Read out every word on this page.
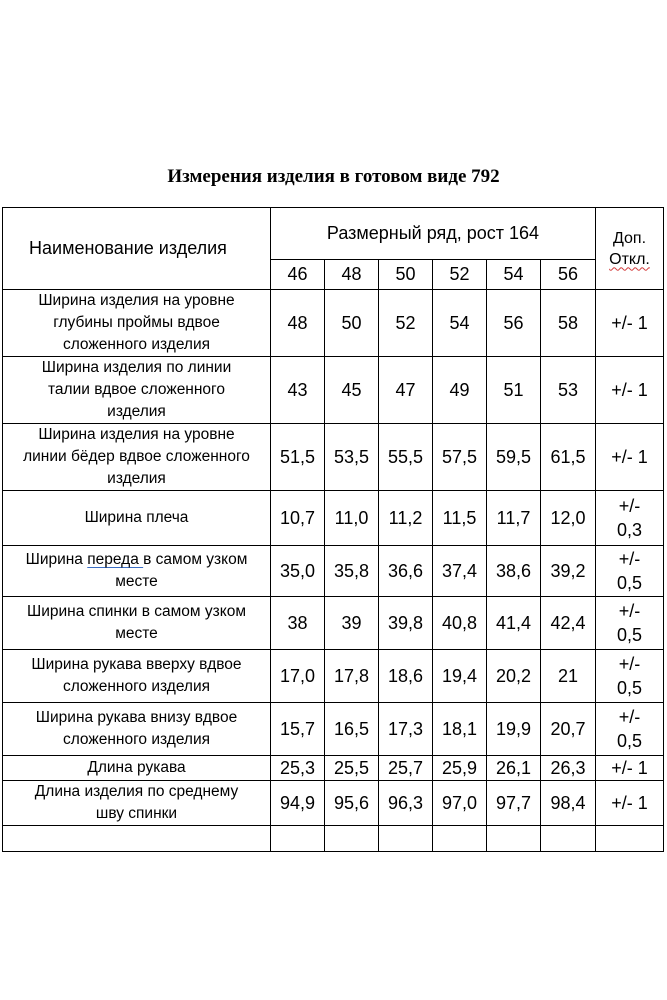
Измерения изделия в готовом виде 792
Наименование изделия	Размерный ряд, рост 164						Доп.
Откл.
	46	48	50	52	54	56	
Ширина изделия на уровне
глубины проймы вдвое
сложенного изделия	48	50	52	54	56	58	+/- 1
Ширина изделия по линии
талии вдвое сложенного
изделия	43	45	47	49	51	53	+/- 1
Ширина изделия на уровне
линии бёдер вдвое сложенного
изделия	51,5	53,5	55,5	57,5	59,5	61,5	+/- 1
Ширина плеча	10,7	11,0	11,2	11,5	11,7	12,0	+/-
0,3
Ширина переда в самом узком
месте	35,0	35,8	36,6	37,4	38,6	39,2	+/-
0,5
Ширина спинки в самом узком
месте	38	39	39,8	40,8	41,4	42,4	+/-
0,5
Ширина рукава вверху вдвое
сложенного изделия	17,0	17,8	18,6	19,4	20,2	21	+/-
0,5
Ширина рукава внизу вдвое
сложенного изделия	15,7	16,5	17,3	18,1	19,9	20,7	+/-
0,5
Длина рукава	25,3	25,5	25,7	25,9	26,1	26,3	+/- 1
Длина изделия по среднему
шву спинки	94,9	95,6	96,3	97,0	97,7	98,4	+/- 1
